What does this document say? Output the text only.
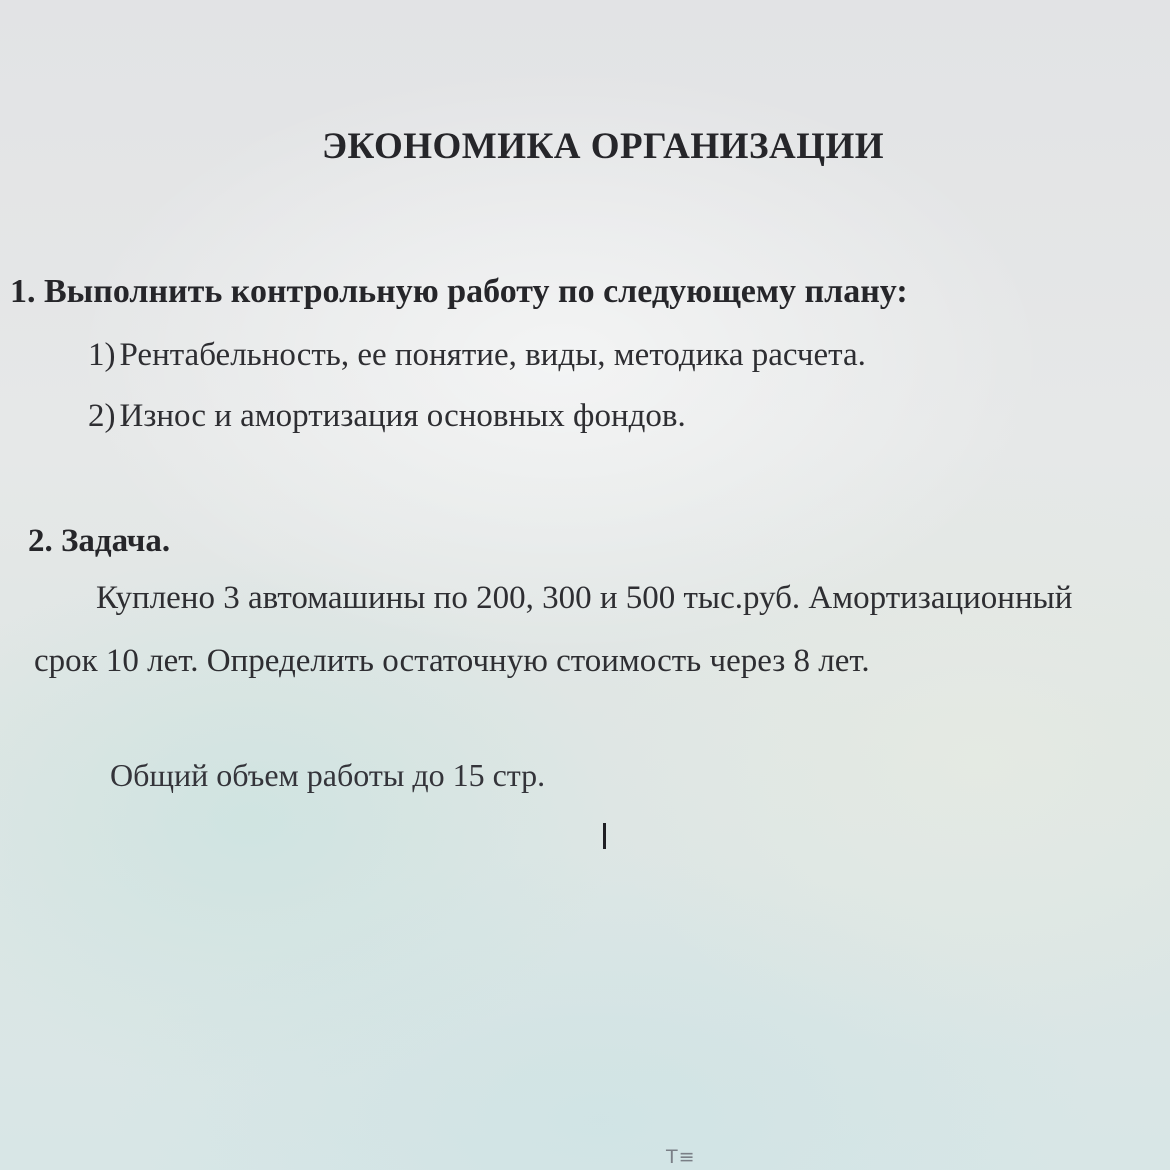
ЭКОНОМИКА ОРГАНИЗАЦИИ
1. Выполнить контрольную работу по следующему плану:
1) Рентабельность, ее понятие, виды, методика расчета.
2) Износ и амортизация основных фондов.
2. Задача.
Куплено 3 автомашины по 200, 300 и 500 тыс.руб. Амортизационный
срок 10 лет. Определить остаточную стоимость через 8 лет.
Общий объем работы до 15 стр.
T≡
